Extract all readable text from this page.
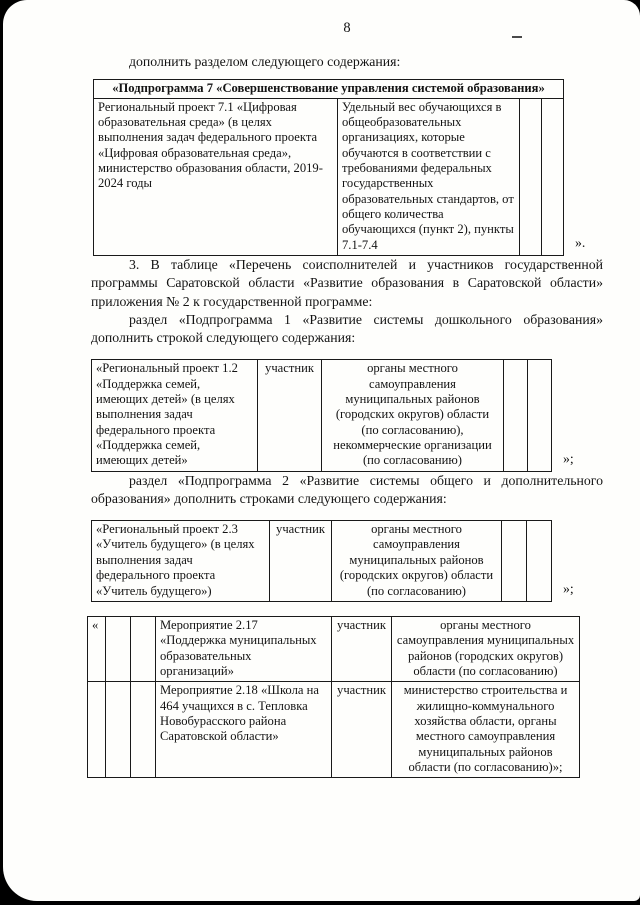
8

дополнить разделом следующего содержания:

«Подпрограмма 7 «Совершенствование управления системой образования»
Региональный проект 7.1 «Цифровая образовательная среда» (в целях выполнения задач федерального проекта «Цифровая образовательная среда», министерство образования области, 2019-2024 годы	Удельный вес обучающихся в общеобразовательных организациях, которые обучаются в соответствии с требованиями федеральных государственных образовательных стандартов, от общего количества обучающихся (пункт 2), пункты 7.1-7.4			».

3. В таблице «Перечень соисполнителей и участников государственной программы Саратовской области «Развитие образования в Саратовской области» приложения № 2 к государственной программе:

раздел «Подпрограмма 1 «Развитие системы дошкольного образования» дополнить строкой следующего содержания:

«Региональный проект 1.2 «Поддержка семей, имеющих детей» (в целях выполнения задач федерального проекта «Поддержка семей, имеющих детей»	участник	органы местного самоуправления муниципальных районов (городских округов) области (по согласованию), некоммерческие организации (по согласованию)			»;

раздел «Подпрограмма 2 «Развитие системы общего и дополнительного образования» дополнить строками следующего содержания:

«Региональный проект 2.3 «Учитель будущего» (в целях выполнения задач федерального проекта «Учитель будущего»)	участник	органы местного самоуправления муниципальных районов (городских округов) области (по согласованию)			»;
«			Мероприятие 2.17 «Поддержка муниципальных образовательных организаций»	участник	органы местного самоуправления муниципальных районов (городских округов) области (по согласованию)
			Мероприятие 2.18 «Школа на 464 учащихся в с. Тепловка Новобурасского района Саратовской области»	участник	министерство строительства и жилищно-коммунального хозяйства области, органы местного самоуправления муниципальных районов области (по согласованию)»;
